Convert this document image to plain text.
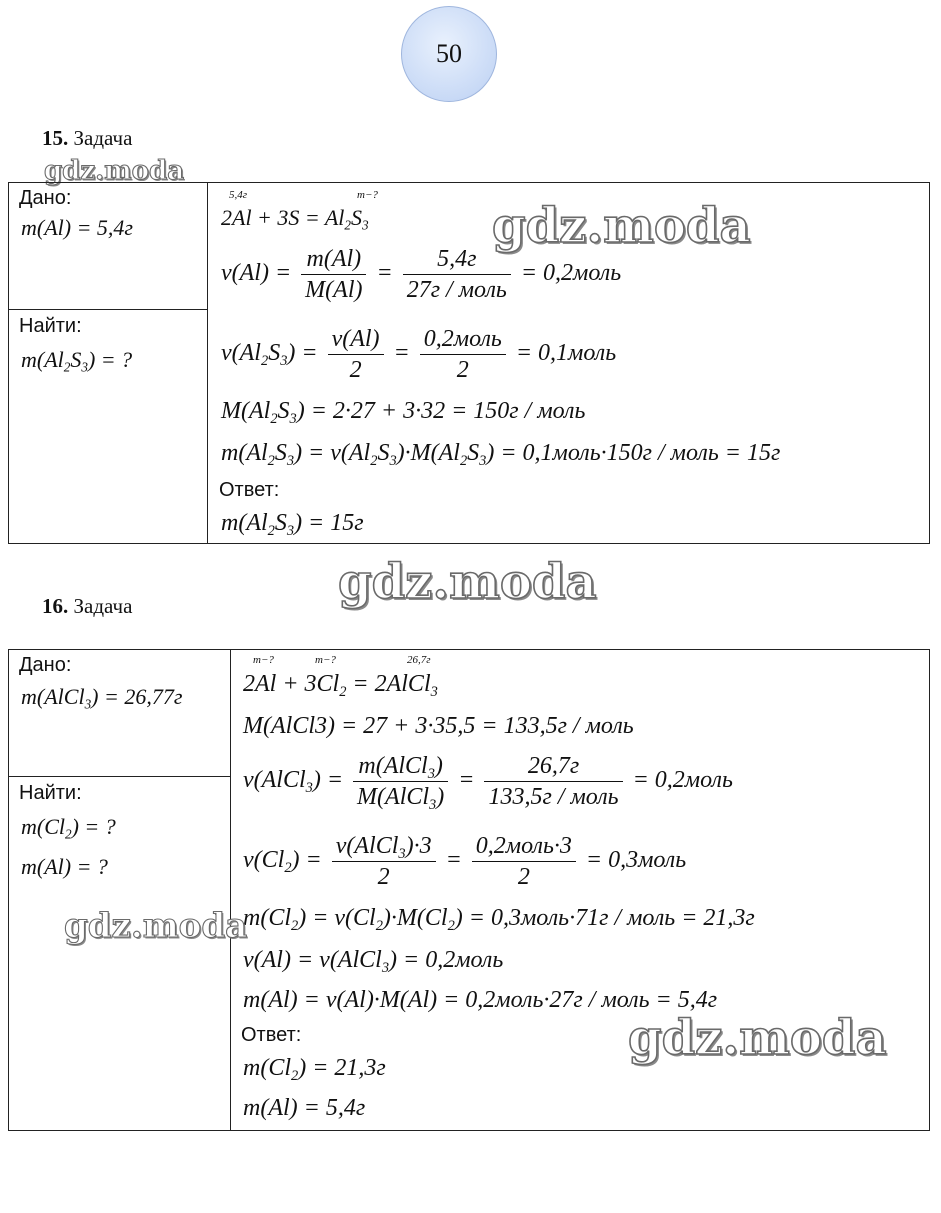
50
15. Задача
gdz.moda
Дано:
m(Al) = 5,4г
Найти:
$m(Al_2S_3)$ = ?
5,4г	m−?
$2Al + 3S = Al_2S_3$
$\nu(Al) = \frac{m(Al)}{M(Al)} = \frac{5,4г}{\text{27г / моль}}$ = 0,2моль
$\nu(Al_2S_3) = \frac{\nu(Al)}{2} = \frac{\text{0,2моль}}{2}$ = 0,1моль
$M(Al_2S_3) = 2\cdot 27 + 3\cdot 32 = 150г$ / моль
$m(Al_2S_3) = \nu(Al_2S_3)\cdot M(Al_2S_3)$ = 0,1моль·150г / моль = 15г
Ответ:
$m(Al_2S_3) = 15г$
gdz.moda
gdz.moda
16. Задача
Дано:
m(AlCl$_3$) = 26,77г
Найти:
$m(Cl_2)$ = ?
m(Al) = ?
m−?	m−?	26,7г
$2Al + 3Cl_2$ = 2AlCl$_3$
M(AlCl3) = 27 + 3·35,5 = 133,5г / моль
ν(AlCl$_3$) = $\frac{m(AlCl_3)}{M(AlCl_3)} = \frac{26,7г}{\text{133,5г / моль}}$ = 0,2моль
$\nu(Cl_2) = \frac{\nu(AlCl_3)\cdot 3}{2} = \frac{\text{0,2моль·3}}{2}$ = 0,3моль
$m(Cl_2) = \nu(Cl_2)\cdot M(Cl_2)$ = 0,3моль·71г / моль = 21,3г
ν(Al) = ν(AlCl$_3$) = 0,2моль
m(Al) = ν(Al)·M(Al) = 0,2моль·27г / моль = 5,4г
Ответ:
$m(Cl_2) = 21,3г$
m(Al) = 5,4г
gdz.moda
gdz.moda
